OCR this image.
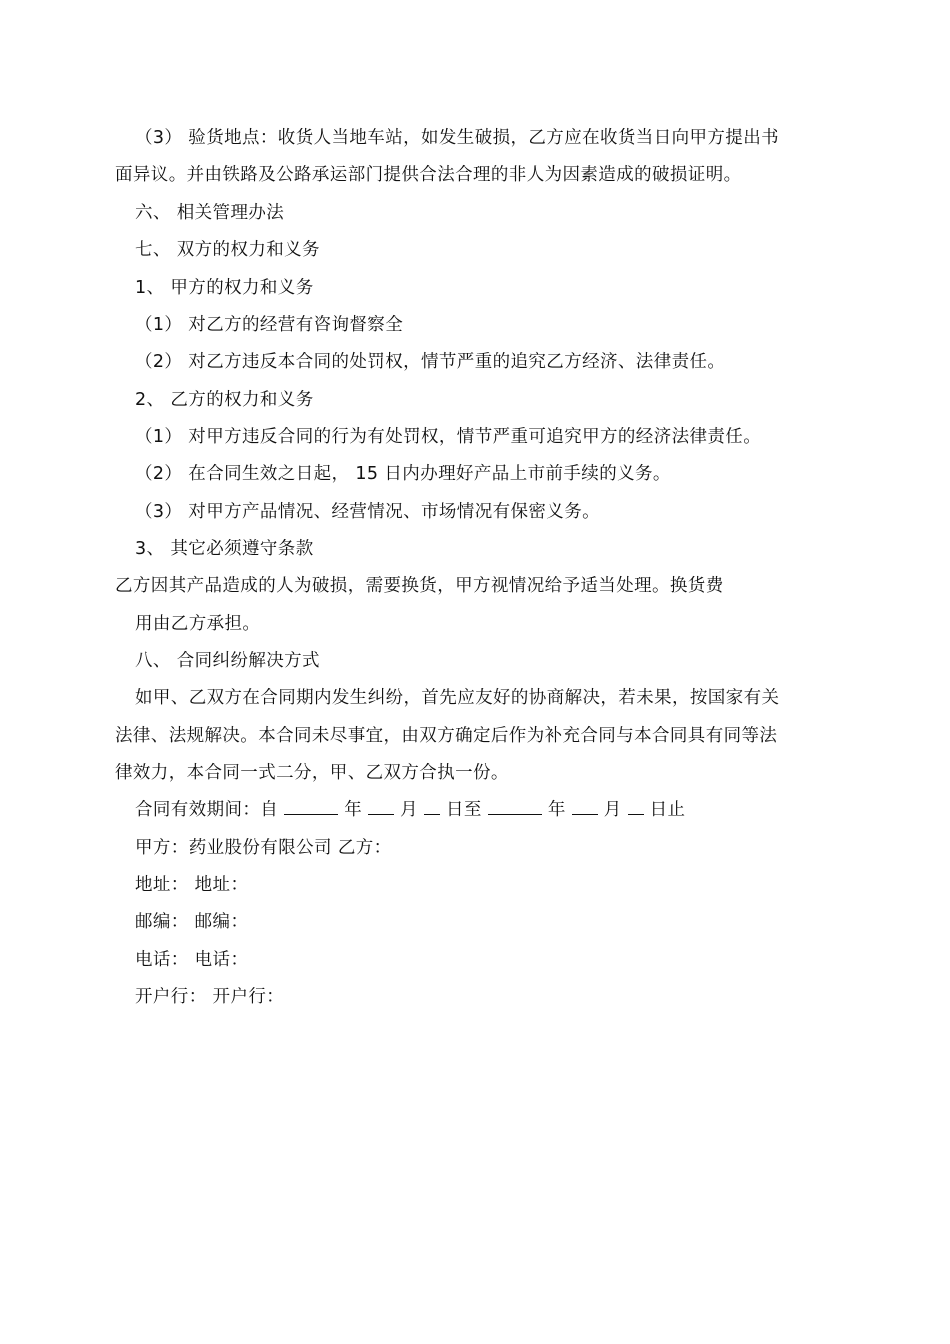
（3） 验货地点：收货人当地车站，如发生破损，乙方应在收货当日向甲方提出书
面异议。并由铁路及公路承运部门提供合法合理的非人为因素造成的破损证明。
六、 相关管理办法
七、 双方的权力和义务
1、 甲方的权力和义务
（1） 对乙方的经营有咨询督察全
（2） 对乙方违反本合同的处罚权，情节严重的追究乙方经济、法律责任。
2、 乙方的权力和义务
（1） 对甲方违反合同的行为有处罚权，情节严重可追究甲方的经济法律责任。
（2） 在合同生效之日起， 15 日内办理好产品上市前手续的义务。
（3） 对甲方产品情况、经营情况、市场情况有保密义务。
3、 其它必须遵守条款
乙方因其产品造成的人为破损，需要换货，甲方视情况给予适当处理。换货费
用由乙方承担。
八、 合同纠纷解决方式
如甲、乙双方在合同期内发生纠纷，首先应友好的协商解决，若未果，按国家有关
法律、法规解决。本合同未尽事宜，由双方确定后作为补充合同与本合同具有同等法
律效力，本合同一式二分，甲、乙双方合执一份。
合同有效期间：自	年 月 日至	年 月 日止
甲方：药业股份有限公司 乙方：
地址： 地址：
邮编： 邮编：
电话： 电话：
开户行： 开户行：
